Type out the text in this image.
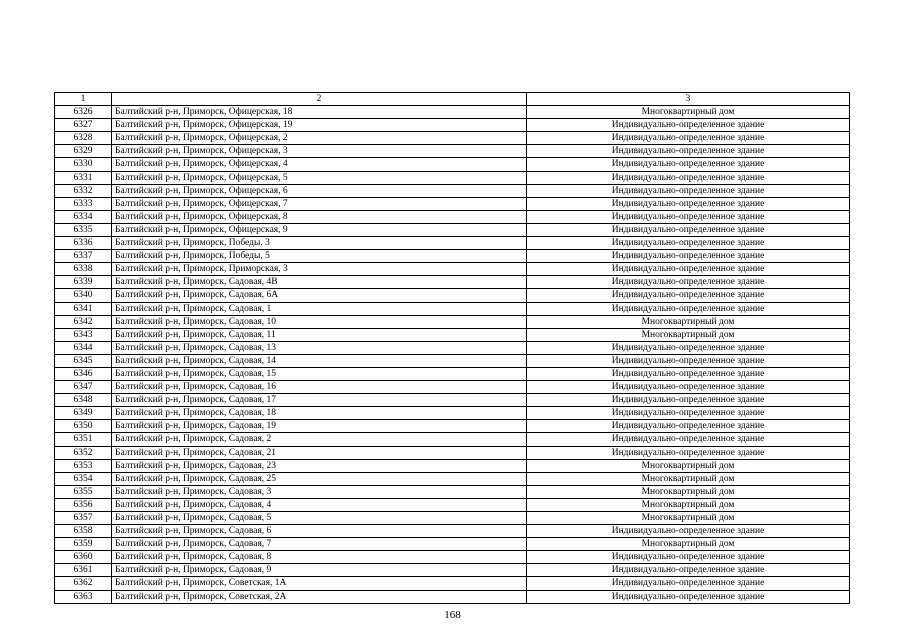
1	2	3
6326	Балтийский р-н, Приморск, Офицерская, 18	Многоквартирный дом
6327	Балтийский р-н, Приморск, Офицерская, 19	Индивидуально-определенное здание
6328	Балтийский р-н, Приморск, Офицерская, 2	Индивидуально-определенное здание
6329	Балтийский р-н, Приморск, Офицерская, 3	Индивидуально-определенное здание
6330	Балтийский р-н, Приморск, Офицерская, 4	Индивидуально-определенное здание
6331	Балтийский р-н, Приморск, Офицерская, 5	Индивидуально-определенное здание
6332	Балтийский р-н, Приморск, Офицерская, 6	Индивидуально-определенное здание
6333	Балтийский р-н, Приморск, Офицерская, 7	Индивидуально-определенное здание
6334	Балтийский р-н, Приморск, Офицерская, 8	Индивидуально-определенное здание
6335	Балтийский р-н, Приморск, Офицерская, 9	Индивидуально-определенное здание
6336	Балтийский р-н, Приморск, Победы, 3	Индивидуально-определенное здание
6337	Балтийский р-н, Приморск, Победы, 5	Индивидуально-определенное здание
6338	Балтийский р-н, Приморск, Приморская, 3	Индивидуально-определенное здание
6339	Балтийский р-н, Приморск, Садовая, 4В	Индивидуально-определенное здание
6340	Балтийский р-н, Приморск, Садовая, 6А	Индивидуально-определенное здание
6341	Балтийский р-н, Приморск, Садовая, 1	Индивидуально-определенное здание
6342	Балтийский р-н, Приморск, Садовая, 10	Многоквартирный дом
6343	Балтийский р-н, Приморск, Садовая, 11	Многоквартирный дом
6344	Балтийский р-н, Приморск, Садовая, 13	Индивидуально-определенное здание
6345	Балтийский р-н, Приморск, Садовая, 14	Индивидуально-определенное здание
6346	Балтийский р-н, Приморск, Садовая, 15	Индивидуально-определенное здание
6347	Балтийский р-н, Приморск, Садовая, 16	Индивидуально-определенное здание
6348	Балтийский р-н, Приморск, Садовая, 17	Индивидуально-определенное здание
6349	Балтийский р-н, Приморск, Садовая, 18	Индивидуально-определенное здание
6350	Балтийский р-н, Приморск, Садовая, 19	Индивидуально-определенное здание
6351	Балтийский р-н, Приморск, Садовая, 2	Индивидуально-определенное здание
6352	Балтийский р-н, Приморск, Садовая, 21	Индивидуально-определенное здание
6353	Балтийский р-н, Приморск, Садовая, 23	Многоквартирный дом
6354	Балтийский р-н, Приморск, Садовая, 25	Многоквартирный дом
6355	Балтийский р-н, Приморск, Садовая, 3	Многоквартирный дом
6356	Балтийский р-н, Приморск, Садовая, 4	Многоквартирный дом
6357	Балтийский р-н, Приморск, Садовая, 5	Многоквартирный дом
6358	Балтийский р-н, Приморск, Садовая, 6	Индивидуально-определенное здание
6359	Балтийский р-н, Приморск, Садовая, 7	Многоквартирный дом
6360	Балтийский р-н, Приморск, Садовая, 8	Индивидуально-определенное здание
6361	Балтийский р-н, Приморск, Садовая, 9	Индивидуально-определенное здание
6362	Балтийский р-н, Приморск, Советская, 1А	Индивидуально-определенное здание
6363	Балтийский р-н, Приморск, Советская, 2А	Индивидуально-определенное здание
168
